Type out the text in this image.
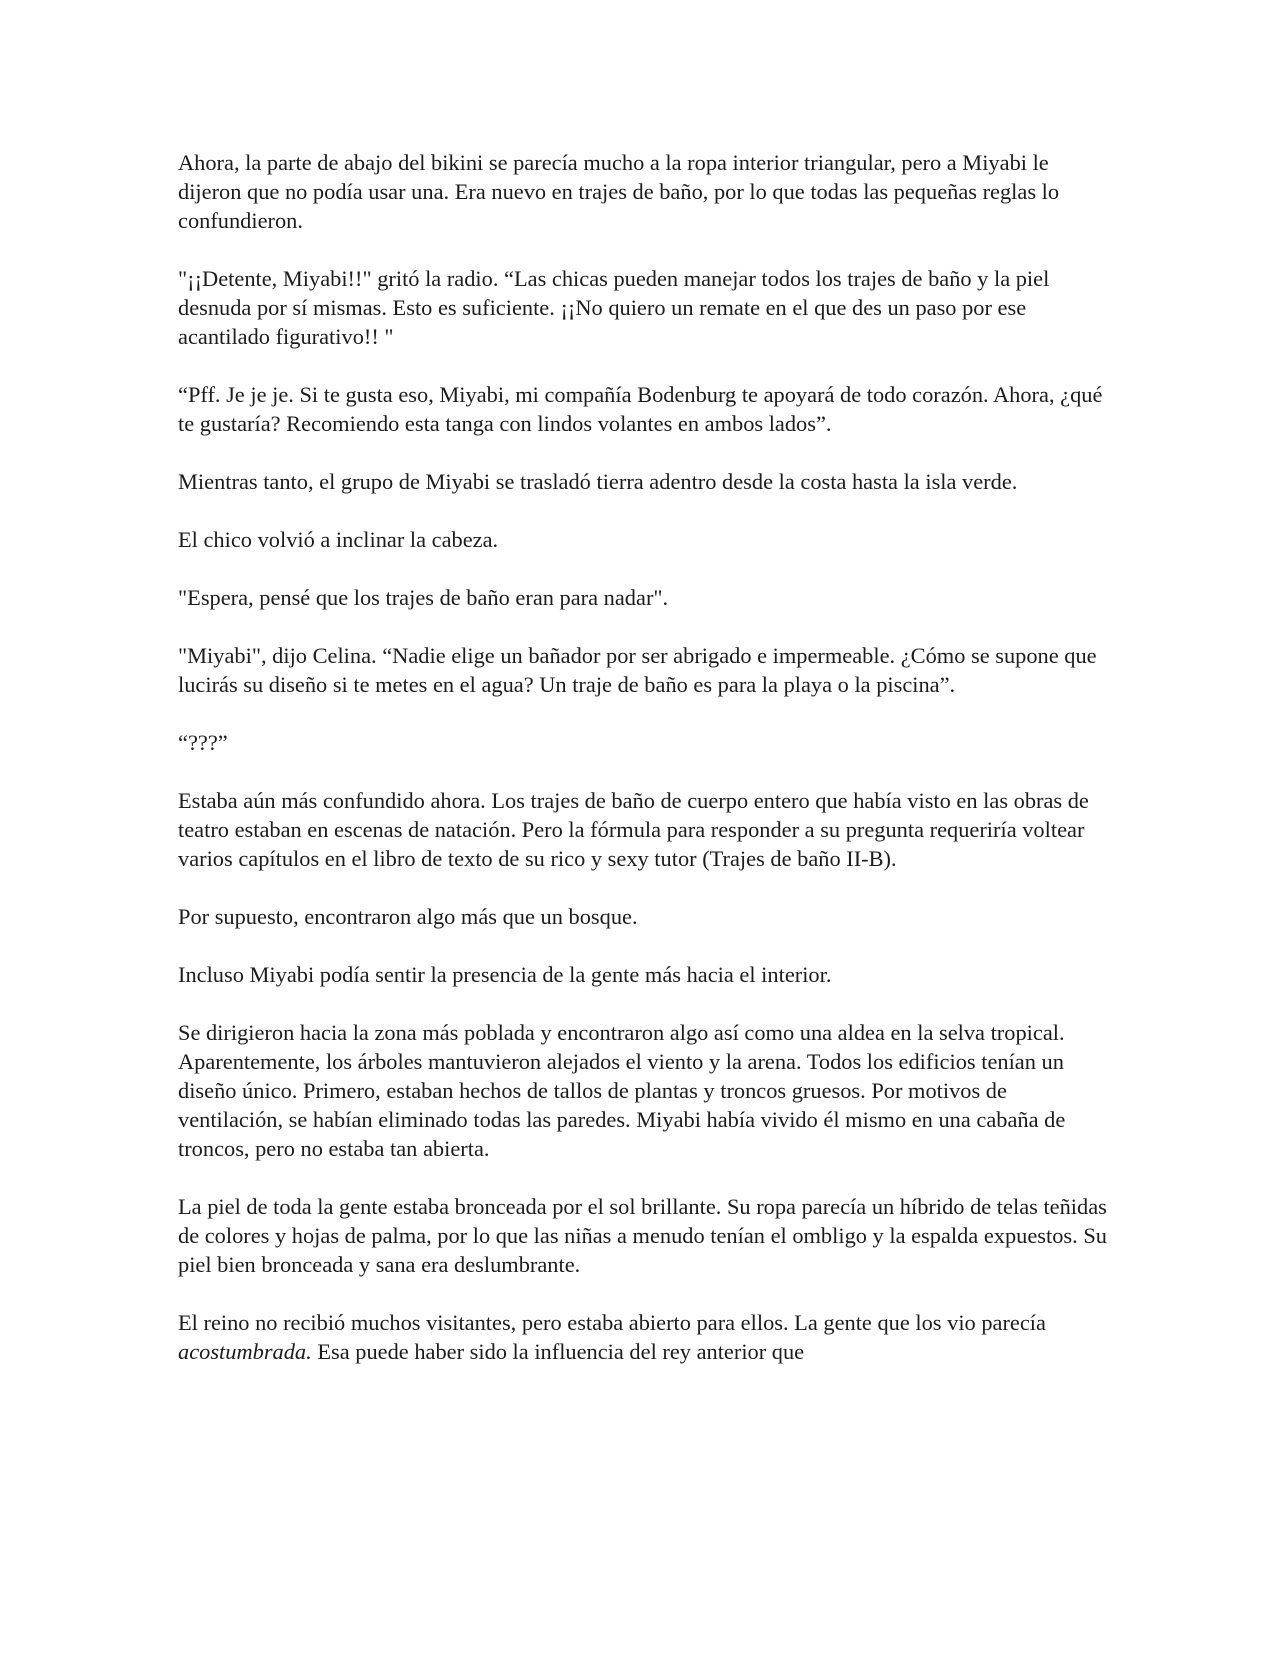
Ahora, la parte de abajo del bikini se parecía mucho a la ropa interior triangular, pero a Miyabi le dijeron que no podía usar una. Era nuevo en trajes de baño, por lo que todas las pequeñas reglas lo confundieron.

"¡¡Detente, Miyabi!!" gritó la radio. “Las chicas pueden manejar todos los trajes de baño y la piel desnuda por sí mismas. Esto es suficiente. ¡¡No quiero un remate en el que des un paso por ese acantilado figurativo!! "

“Pff. Je je je. Si te gusta eso, Miyabi, mi compañía Bodenburg te apoyará de todo corazón. Ahora, ¿qué te gustaría? Recomiendo esta tanga con lindos volantes en ambos lados”.

Mientras tanto, el grupo de Miyabi se trasladó tierra adentro desde la costa hasta la isla verde.

El chico volvió a inclinar la cabeza.

"Espera, pensé que los trajes de baño eran para nadar".

"Miyabi", dijo Celina. “Nadie elige un bañador por ser abrigado e impermeable. ¿Cómo se supone que lucirás su diseño si te metes en el agua? Un traje de baño es para la playa o la piscina”.

“???”

Estaba aún más confundido ahora. Los trajes de baño de cuerpo entero que había visto en las obras de teatro estaban en escenas de natación. Pero la fórmula para responder a su pregunta requeriría voltear varios capítulos en el libro de texto de su rico y sexy tutor (Trajes de baño II-B).

Por supuesto, encontraron algo más que un bosque.

Incluso Miyabi podía sentir la presencia de la gente más hacia el interior.

Se dirigieron hacia la zona más poblada y encontraron algo así como una aldea en la selva tropical. Aparentemente, los árboles mantuvieron alejados el viento y la arena. Todos los edificios tenían un diseño único. Primero, estaban hechos de tallos de plantas y troncos gruesos. Por motivos de ventilación, se habían eliminado todas las paredes. Miyabi había vivido él mismo en una cabaña de troncos, pero no estaba tan abierta.

La piel de toda la gente estaba bronceada por el sol brillante. Su ropa parecía un híbrido de telas teñidas de colores y hojas de palma, por lo que las niñas a menudo tenían el ombligo y la espalda expuestos. Su piel bien bronceada y sana era deslumbrante.

El reino no recibió muchos visitantes, pero estaba abierto para ellos. La gente que los vio parecía acostumbrada. Esa puede haber sido la influencia del rey anterior que
